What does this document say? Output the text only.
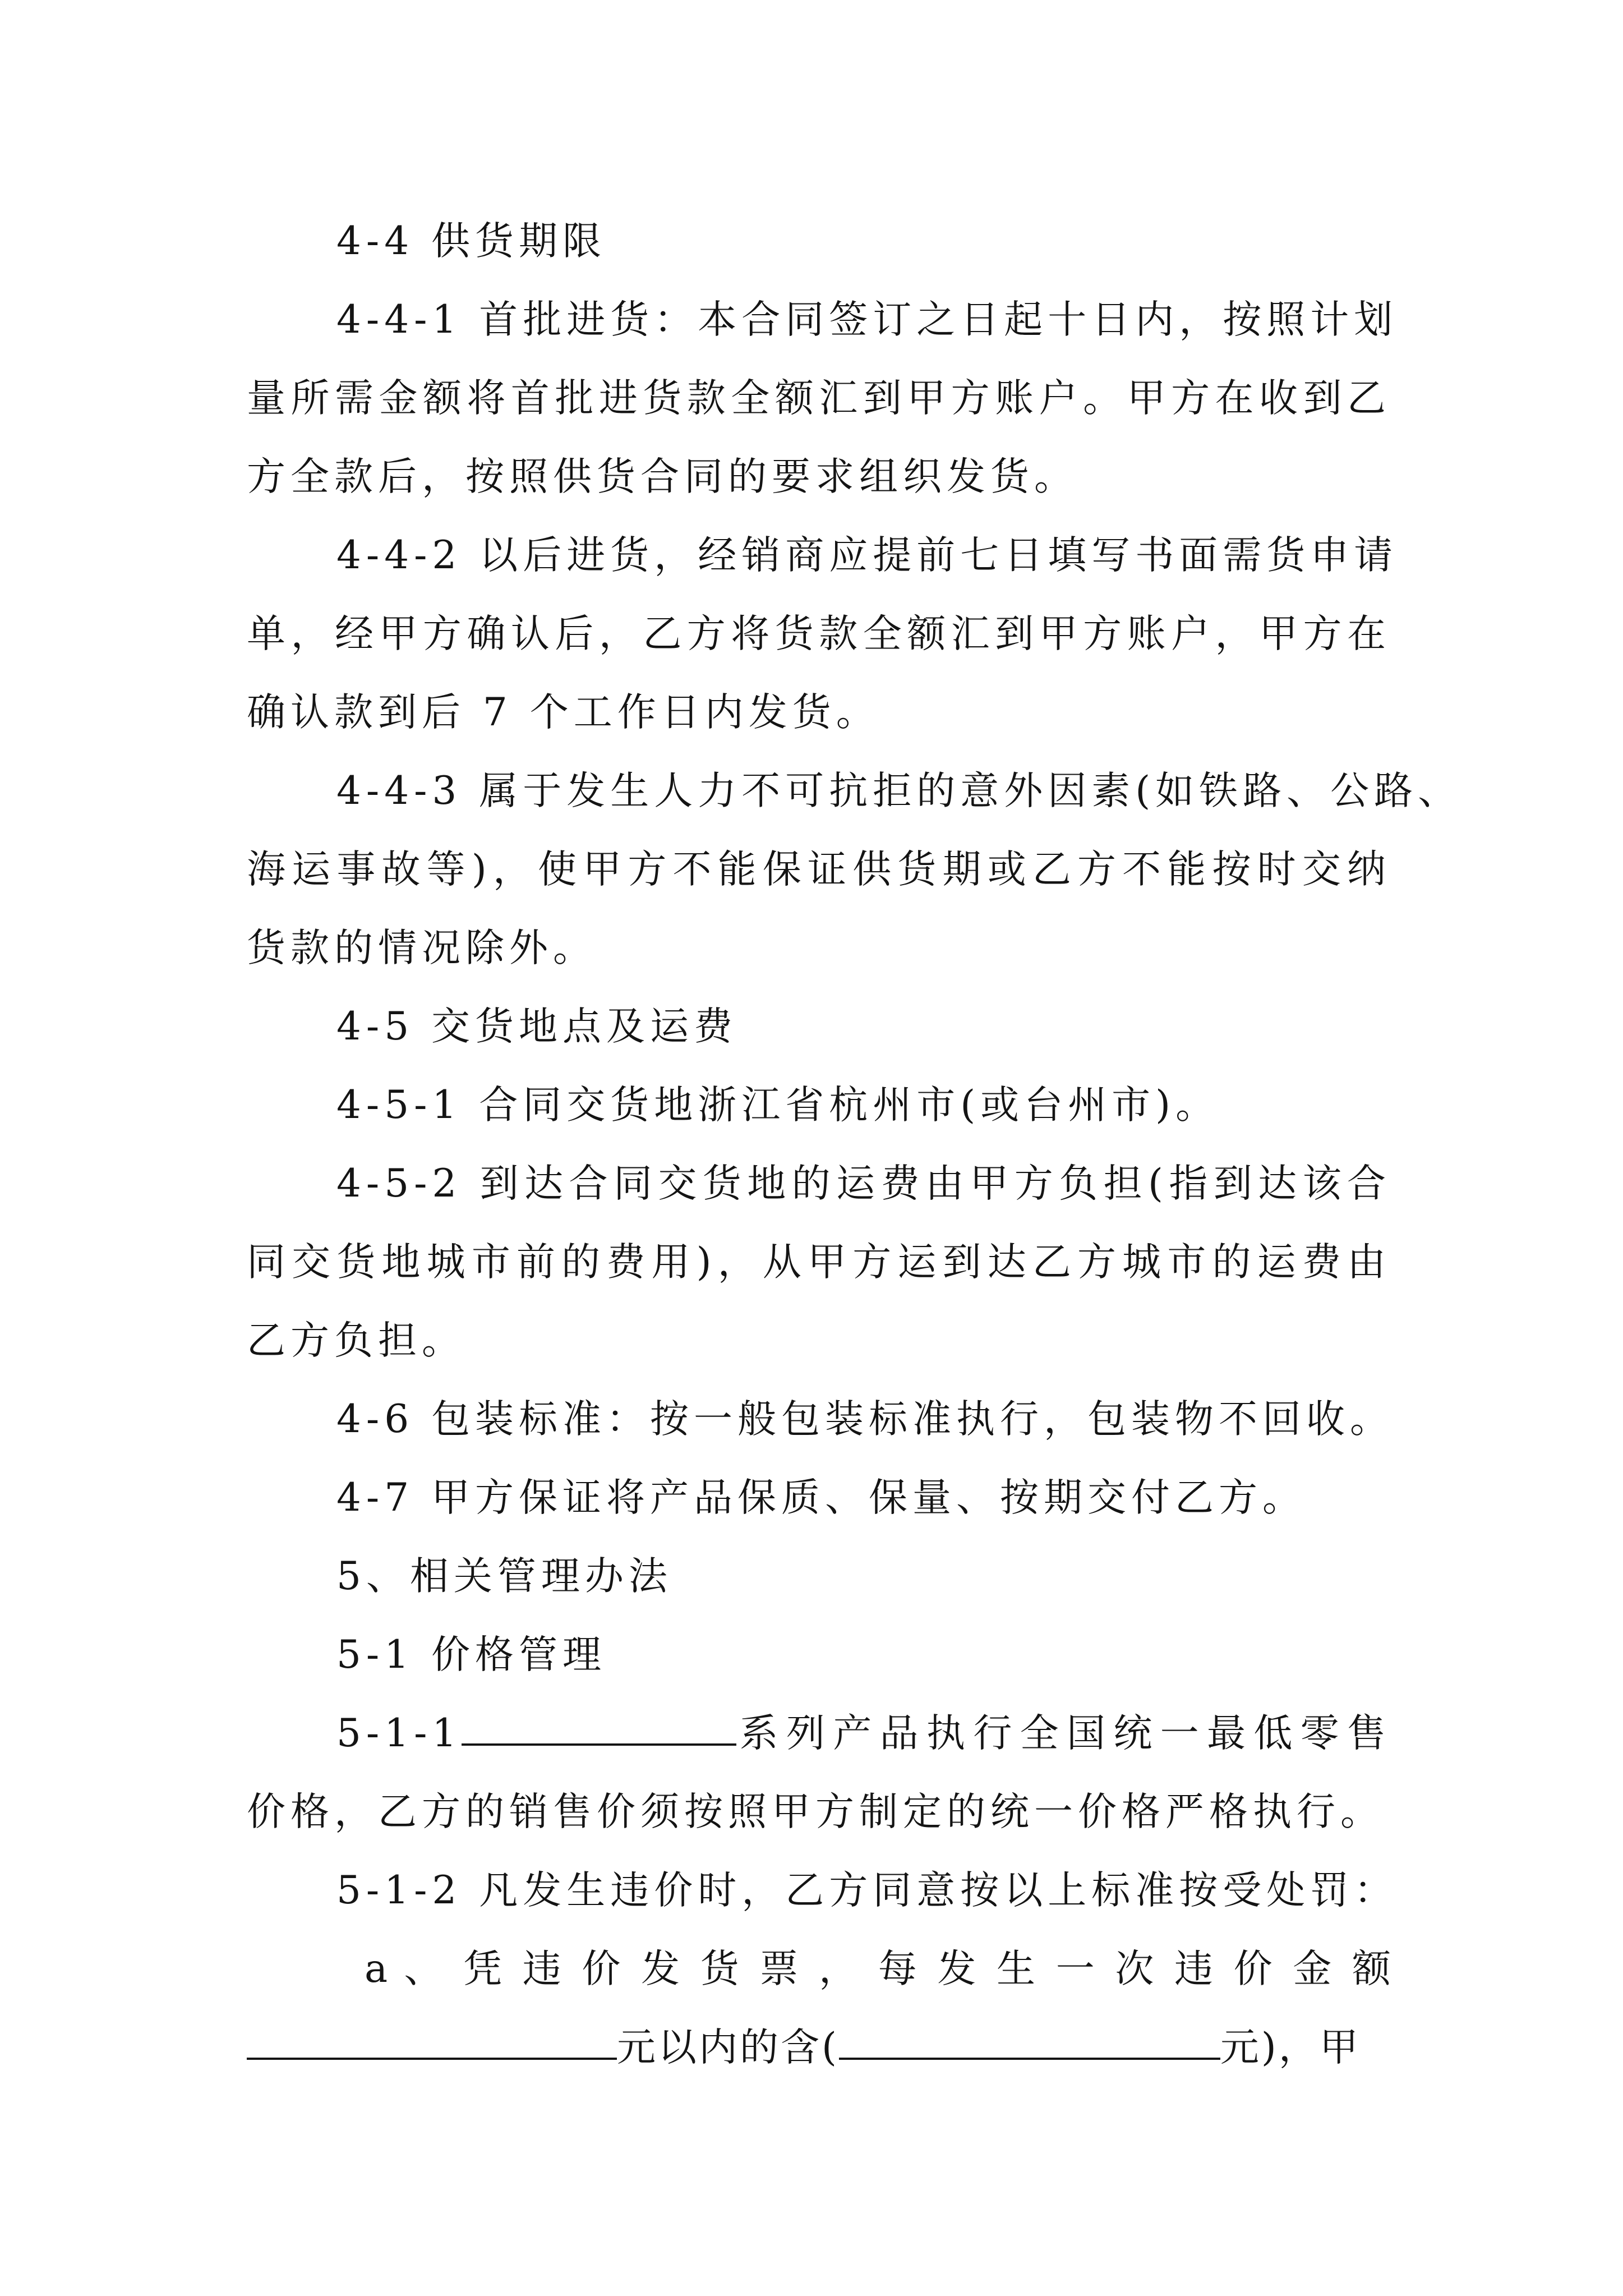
4-4 供货期限
4-4-1 首批进货：本合同签订之日起十日内，按照计划
量所需金额将首批进货款全额汇到甲方账户。甲方在收到乙
方全款后，按照供货合同的要求组织发货。
4-4-2 以后进货，经销商应提前七日填写书面需货申请
单，经甲方确认后，乙方将货款全额汇到甲方账户，甲方在
确认款到后 7 个工作日内发货。
4-4-3 属于发生人力不可抗拒的意外因素(如铁路、公路、
海运事故等)，使甲方不能保证供货期或乙方不能按时交纳
货款的情况除外。
4-5 交货地点及运费
4-5-1 合同交货地浙江省杭州市(或台州市)。
4-5-2 到达合同交货地的运费由甲方负担(指到达该合
同交货地城市前的费用)，从甲方运到达乙方城市的运费由
乙方负担。
4-6 包装标准：按一般包装标准执行，包装物不回收。
4-7 甲方保证将产品保质、保量、按期交付乙方。
5、相关管理办法
5-1 价格管理
5-1-1	系列产品执行全国统一最低零售
价格，乙方的销售价须按照甲方制定的统一价格严格执行。
5-1-2 凡发生违价时，乙方同意按以上标准按受处罚：
a 、 凭 违 价 发 货 票 ， 每 发 生 一 次 违 价 金 额
元以内的含(	元)，甲
